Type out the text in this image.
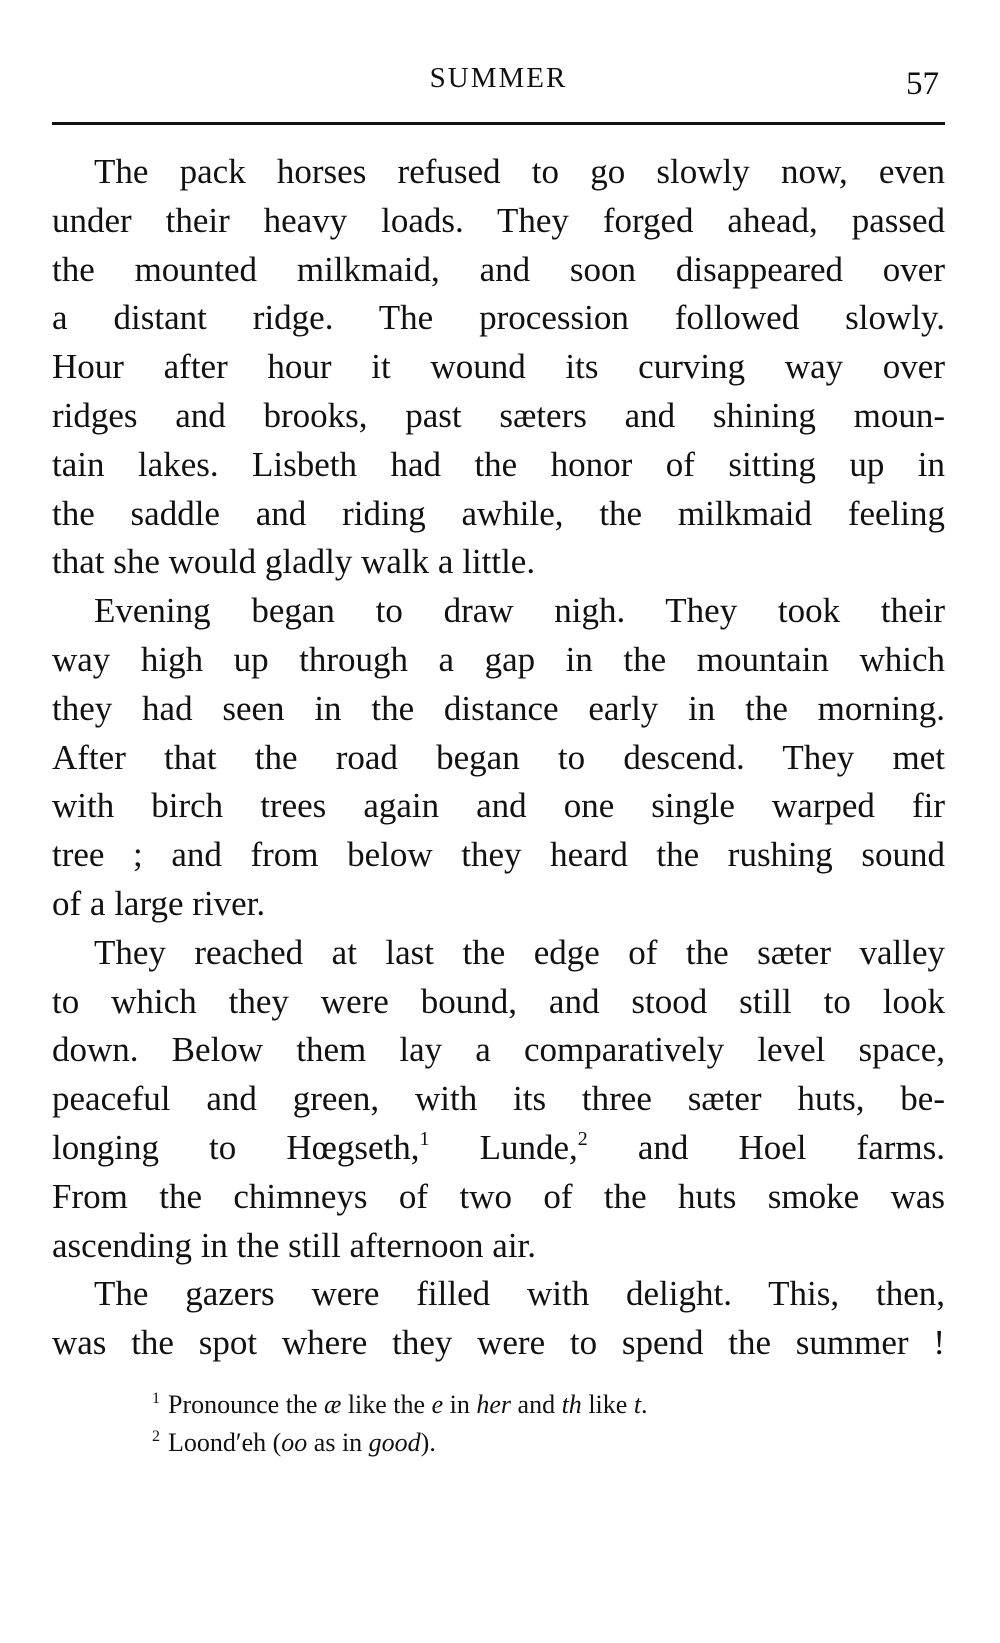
SUMMER	57
The pack horses refused to go slowly now, even
under their heavy loads. They forged ahead, passed
the mounted milkmaid, and soon disappeared over
a distant ridge. The procession followed slowly.
Hour after hour it wound its curving way over
ridges and brooks, past sæters and shining moun-
tain lakes. Lisbeth had the honor of sitting up in
the saddle and riding awhile, the milkmaid feeling
that she would gladly walk a little.
Evening began to draw nigh. They took their
way high up through a gap in the mountain which
they had seen in the distance early in the morning.
After that the road began to descend. They met
with birch trees again and one single warped fir
tree ; and from below they heard the rushing sound
of a large river.
They reached at last the edge of the sæter valley
to which they were bound, and stood still to look
down. Below them lay a comparatively level space,
peaceful and green, with its three sæter huts, be-
longing to Hœgseth,$^1$ Lunde,$^2$ and Hoel farms.
From the chimneys of two of the huts smoke was
ascending in the still afternoon air.
The gazers were filled with delight. This, then,
was the spot where they were to spend the summer !
$^1$ Pronounce the æ like the e in her and th like t.
$^2$ Loond′eh (oo as in good).
